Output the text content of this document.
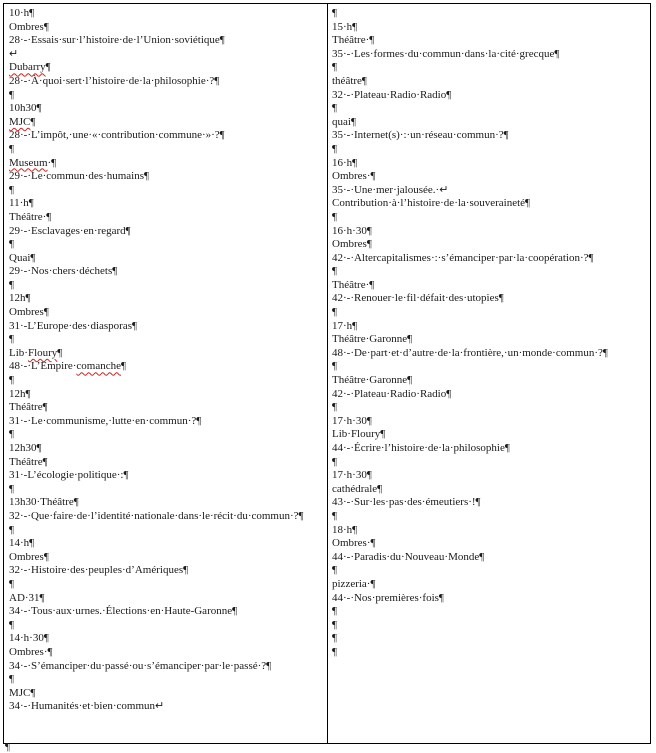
10·h¶
Ombres¶
28·-·Essais·sur·l’histoire·de·l’Union·soviétique¶
↵
Dubarry¶
28·-·À·quoi·sert·l’histoire·de·la·philosophie·?¶
¶
10h30¶
MJC¶
28·-·L’impôt,·une·«·contribution·commune·»·?¶
¶
Museum·¶
29·-·Le·commun·des·humains¶
¶
11·h¶
Théâtre·¶
29·-·Esclavages·en·regard¶
¶
Quai¶
29·-·Nos·chers·déchets¶
¶
12h¶
Ombres¶
31·-L’Europe·des·diasporas¶
¶
Lib·Floury¶
48·-·L’Empire·comanche¶
¶
12h¶
Théâtre¶
31·-·Le·communisme,·lutte·en·commun·?¶
¶
12h30¶
Théâtre¶
31·-L’écologie·politique·:¶
¶
13h30·Théâtre¶
32·-·Que·faire·de·l’identité·nationale·dans·le·récit·du·commun·?¶
¶
14·h¶
Ombres¶
32·-·Histoire·des·peuples·d’Amériques¶
¶
AD·31¶
34·-·Tous·aux·urnes.·Élections·en·Haute-Garonne¶
¶
14·h·30¶
Ombres·¶
34·-·S’émanciper·du·passé·ou·s’émanciper·par·le·passé·?¶
¶
MJC¶
34·-·Humanités·et·bien·commun↵
¶
15·h¶
Théâtre·¶
35·-·Les·formes·du·commun·dans·la·cité·grecque¶
¶
théâtre¶
32·-·Plateau·Radio·Radio¶
¶
quai¶
35·-·Internet(s)·:·un·réseau·commun·?¶
¶
16·h¶
Ombres·¶
35·-·Une·mer·jalousée.·↵
Contribution·à·l’histoire·de·la·souveraineté¶
¶
16·h·30¶
Ombres¶
42·-·Altercapitalismes·:·s’émanciper·par·la·coopération·?¶
¶
Théâtre·¶
42·-·Renouer·le·fil·défait·des·utopies¶
¶
17·h¶
Théâtre·Garonne¶
48·-·De·part·et·d’autre·de·la·frontière,·un·monde·commun·?¶
¶
Théâtre·Garonne¶
42·-·Plateau·Radio·Radio¶
¶
17·h·30¶
Lib·Floury¶
44·-·Écrire·l’histoire·de·la·philosophie¶
¶
17·h·30¶
cathédrale¶
43·-·Sur·les·pas·des·émeutiers·!¶
¶
18·h¶
Ombres·¶
44·-·Paradis·du·Nouveau·Monde¶
¶
pizzeria·¶
44·-·Nos·premières·fois¶
¶
¶
¶
¶
¶
